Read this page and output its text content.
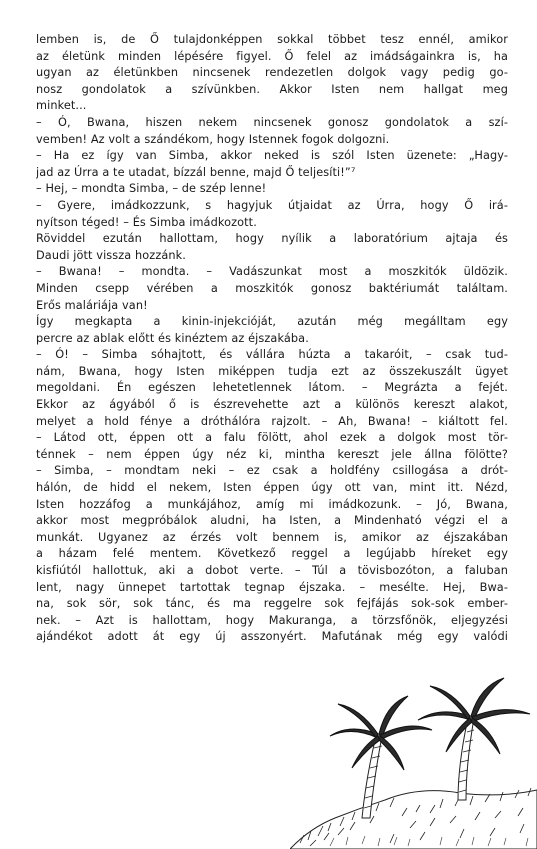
lemben is, de Ő tulajdonképpen sokkal többet tesz ennél, amikor
az életünk minden lépésére figyel. Ő felel az imádságainkra is, ha
ugyan az életünkben nincsenek rendezetlen dolgok vagy pedig go-
nosz gondolatok a szívünkben. Akkor Isten nem hallgat meg
minket...
– Ó, Bwana, hiszen nekem nincsenek gonosz gondolatok a szí-
vemben! Az volt a szándékom, hogy Istennek fogok dolgozni.
– Ha ez így van Simba, akkor neked is szól Isten üzenete: „Hagy-
jad az Úrra a te utadat, bízzál benne, majd Ő teljesíti!”⁷
– Hej, – mondta Simba, – de szép lenne!
– Gyere, imádkozzunk, s hagyjuk útjaidat az Úrra, hogy Ő irá-
nyítson téged! – És Simba imádkozott.
Röviddel ezután hallottam, hogy nyílik a laboratórium ajtaja és
Daudi jött vissza hozzánk.
– Bwana! – mondta. – Vadászunkat most a moszkitók üldözik.
Minden csepp vérében a moszkitók gonosz baktériumát találtam.
Erős maláriája van!
Így megkapta a kinin-injekcióját, azután még megálltam egy
percre az ablak előtt és kinéztem az éjszakába.
– Ó! – Simba sóhajtott, és vállára húzta a takaróit, – csak tud-
nám, Bwana, hogy Isten miképpen tudja ezt az összekuszált ügyet
megoldani. Én egészen lehetetlennek látom. – Megrázta a fejét.
Ekkor az ágyából ő is észrevehette azt a különös kereszt alakot,
melyet a hold fénye a dróthálóra rajzolt. – Ah, Bwana! – kiáltott fel.
– Látod ott, éppen ott a falu fölött, ahol ezek a dolgok most tör-
ténnek – nem éppen úgy néz ki, mintha kereszt jele állna fölötte?
– Simba, – mondtam neki – ez csak a holdfény csillogása a drót-
hálón, de hidd el nekem, Isten éppen úgy ott van, mint itt. Nézd,
Isten hozzáfog a munkájához, amíg mi imádkozunk. – Jó, Bwana,
akkor most megpróbálok aludni, ha Isten, a Mindenható végzi el a
munkát. Ugyanez az érzés volt bennem is, amikor az éjszakában
a házam felé mentem. Következő reggel a legújabb híreket egy
kisfiútól hallottuk, aki a dobot verte. – Túl a tövisbozóton, a faluban
lent, nagy ünnepet tartottak tegnap éjszaka. – mesélte. Hej, Bwa-
na, sok sör, sok tánc, és ma reggelre sok fejfájás sok-sok ember-
nek. – Azt is hallottam, hogy Makuranga, a törzsfőnök, eljegyzési
ajándékot adott át egy új asszonyért. Mafutának még egy valódi
